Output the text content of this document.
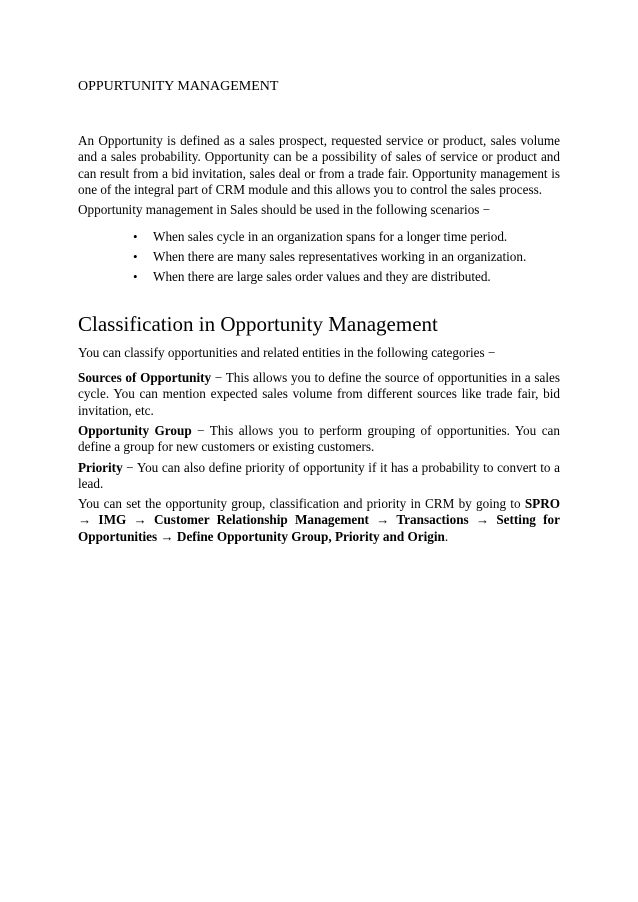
OPPURTUNITY MANAGEMENT

An Opportunity is defined as a sales prospect, requested service or product, sales volume and a sales probability. Opportunity can be a possibility of sales of service or product and can result from a bid invitation, sales deal or from a trade fair. Opportunity management is one of the integral part of CRM module and this allows you to control the sales process.

Opportunity management in Sales should be used in the following scenarios −

• When sales cycle in an organization spans for a longer time period.
• When there are many sales representatives working in an organization.
• When there are large sales order values and they are distributed.
Classification in Opportunity Management

You can classify opportunities and related entities in the following categories −

Sources of Opportunity − This allows you to define the source of opportunities in a sales cycle. You can mention expected sales volume from different sources like trade fair, bid invitation, etc.

Opportunity Group − This allows you to perform grouping of opportunities. You can define a group for new customers or existing customers.

Priority − You can also define priority of opportunity if it has a probability to convert to a lead.

You can set the opportunity group, classification and priority in CRM by going to SPRO → IMG → Customer Relationship Management → Transactions → Setting for Opportunities → Define Opportunity Group, Priority and Origin.
